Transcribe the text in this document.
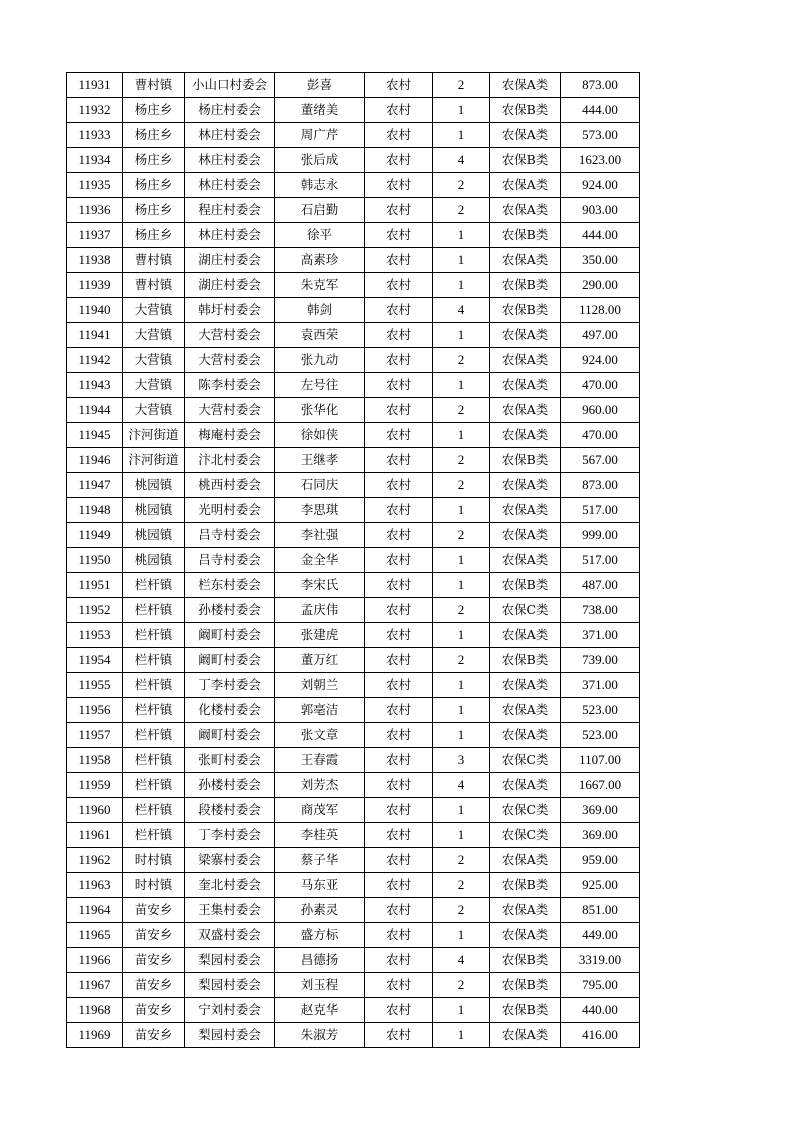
11931	曹村镇	小山口村委会	彭喜	农村	2	农保A类	873.00
11932	杨庄乡	杨庄村委会	董绪美	农村	1	农保B类	444.00
11933	杨庄乡	林庄村委会	周广芹	农村	1	农保A类	573.00
11934	杨庄乡	林庄村委会	张后成	农村	4	农保B类	1623.00
11935	杨庄乡	林庄村委会	韩志永	农村	2	农保A类	924.00
11936	杨庄乡	程庄村委会	石启勤	农村	2	农保A类	903.00
11937	杨庄乡	林庄村委会	徐平	农村	1	农保B类	444.00
11938	曹村镇	湖庄村委会	高素珍	农村	1	农保A类	350.00
11939	曹村镇	湖庄村委会	朱克军	农村	1	农保B类	290.00
11940	大营镇	韩圩村委会	韩剑	农村	4	农保B类	1128.00
11941	大营镇	大营村委会	袁西荣	农村	1	农保A类	497.00
11942	大营镇	大营村委会	张九动	农村	2	农保A类	924.00
11943	大营镇	陈李村委会	左号往	农村	1	农保A类	470.00
11944	大营镇	大营村委会	张华化	农村	2	农保A类	960.00
11945	汴河街道	梅庵村委会	徐如侠	农村	1	农保A类	470.00
11946	汴河街道	汴北村委会	王继孝	农村	2	农保B类	567.00
11947	桃园镇	桃西村委会	石同庆	农村	2	农保A类	873.00
11948	桃园镇	光明村委会	李思琪	农村	1	农保A类	517.00
11949	桃园镇	吕寺村委会	李社强	农村	2	农保A类	999.00
11950	桃园镇	吕寺村委会	金全华	农村	1	农保A类	517.00
11951	栏杆镇	栏东村委会	李宋氏	农村	1	农保B类	487.00
11952	栏杆镇	孙楼村委会	孟庆伟	农村	2	农保C类	738.00
11953	栏杆镇	阚町村委会	张建虎	农村	1	农保A类	371.00
11954	栏杆镇	阚町村委会	董万红	农村	2	农保B类	739.00
11955	栏杆镇	丁李村委会	刘朝兰	农村	1	农保A类	371.00
11956	栏杆镇	化楼村委会	郭亳洁	农村	1	农保A类	523.00
11957	栏杆镇	阚町村委会	张文章	农村	1	农保A类	523.00
11958	栏杆镇	张町村委会	王春霞	农村	3	农保C类	1107.00
11959	栏杆镇	孙楼村委会	刘芳杰	农村	4	农保A类	1667.00
11960	栏杆镇	段楼村委会	商茂军	农村	1	农保C类	369.00
11961	栏杆镇	丁李村委会	李桂英	农村	1	农保C类	369.00
11962	时村镇	梁寨村委会	蔡子华	农村	2	农保A类	959.00
11963	时村镇	奎北村委会	马东亚	农村	2	农保B类	925.00
11964	苗安乡	王集村委会	孙素灵	农村	2	农保A类	851.00
11965	苗安乡	双盛村委会	盛方标	农村	1	农保A类	449.00
11966	苗安乡	梨园村委会	昌德扬	农村	4	农保B类	3319.00
11967	苗安乡	梨园村委会	刘玉程	农村	2	农保B类	795.00
11968	苗安乡	宁刘村委会	赵克华	农村	1	农保B类	440.00
11969	苗安乡	梨园村委会	朱淑芳	农村	1	农保A类	416.00
